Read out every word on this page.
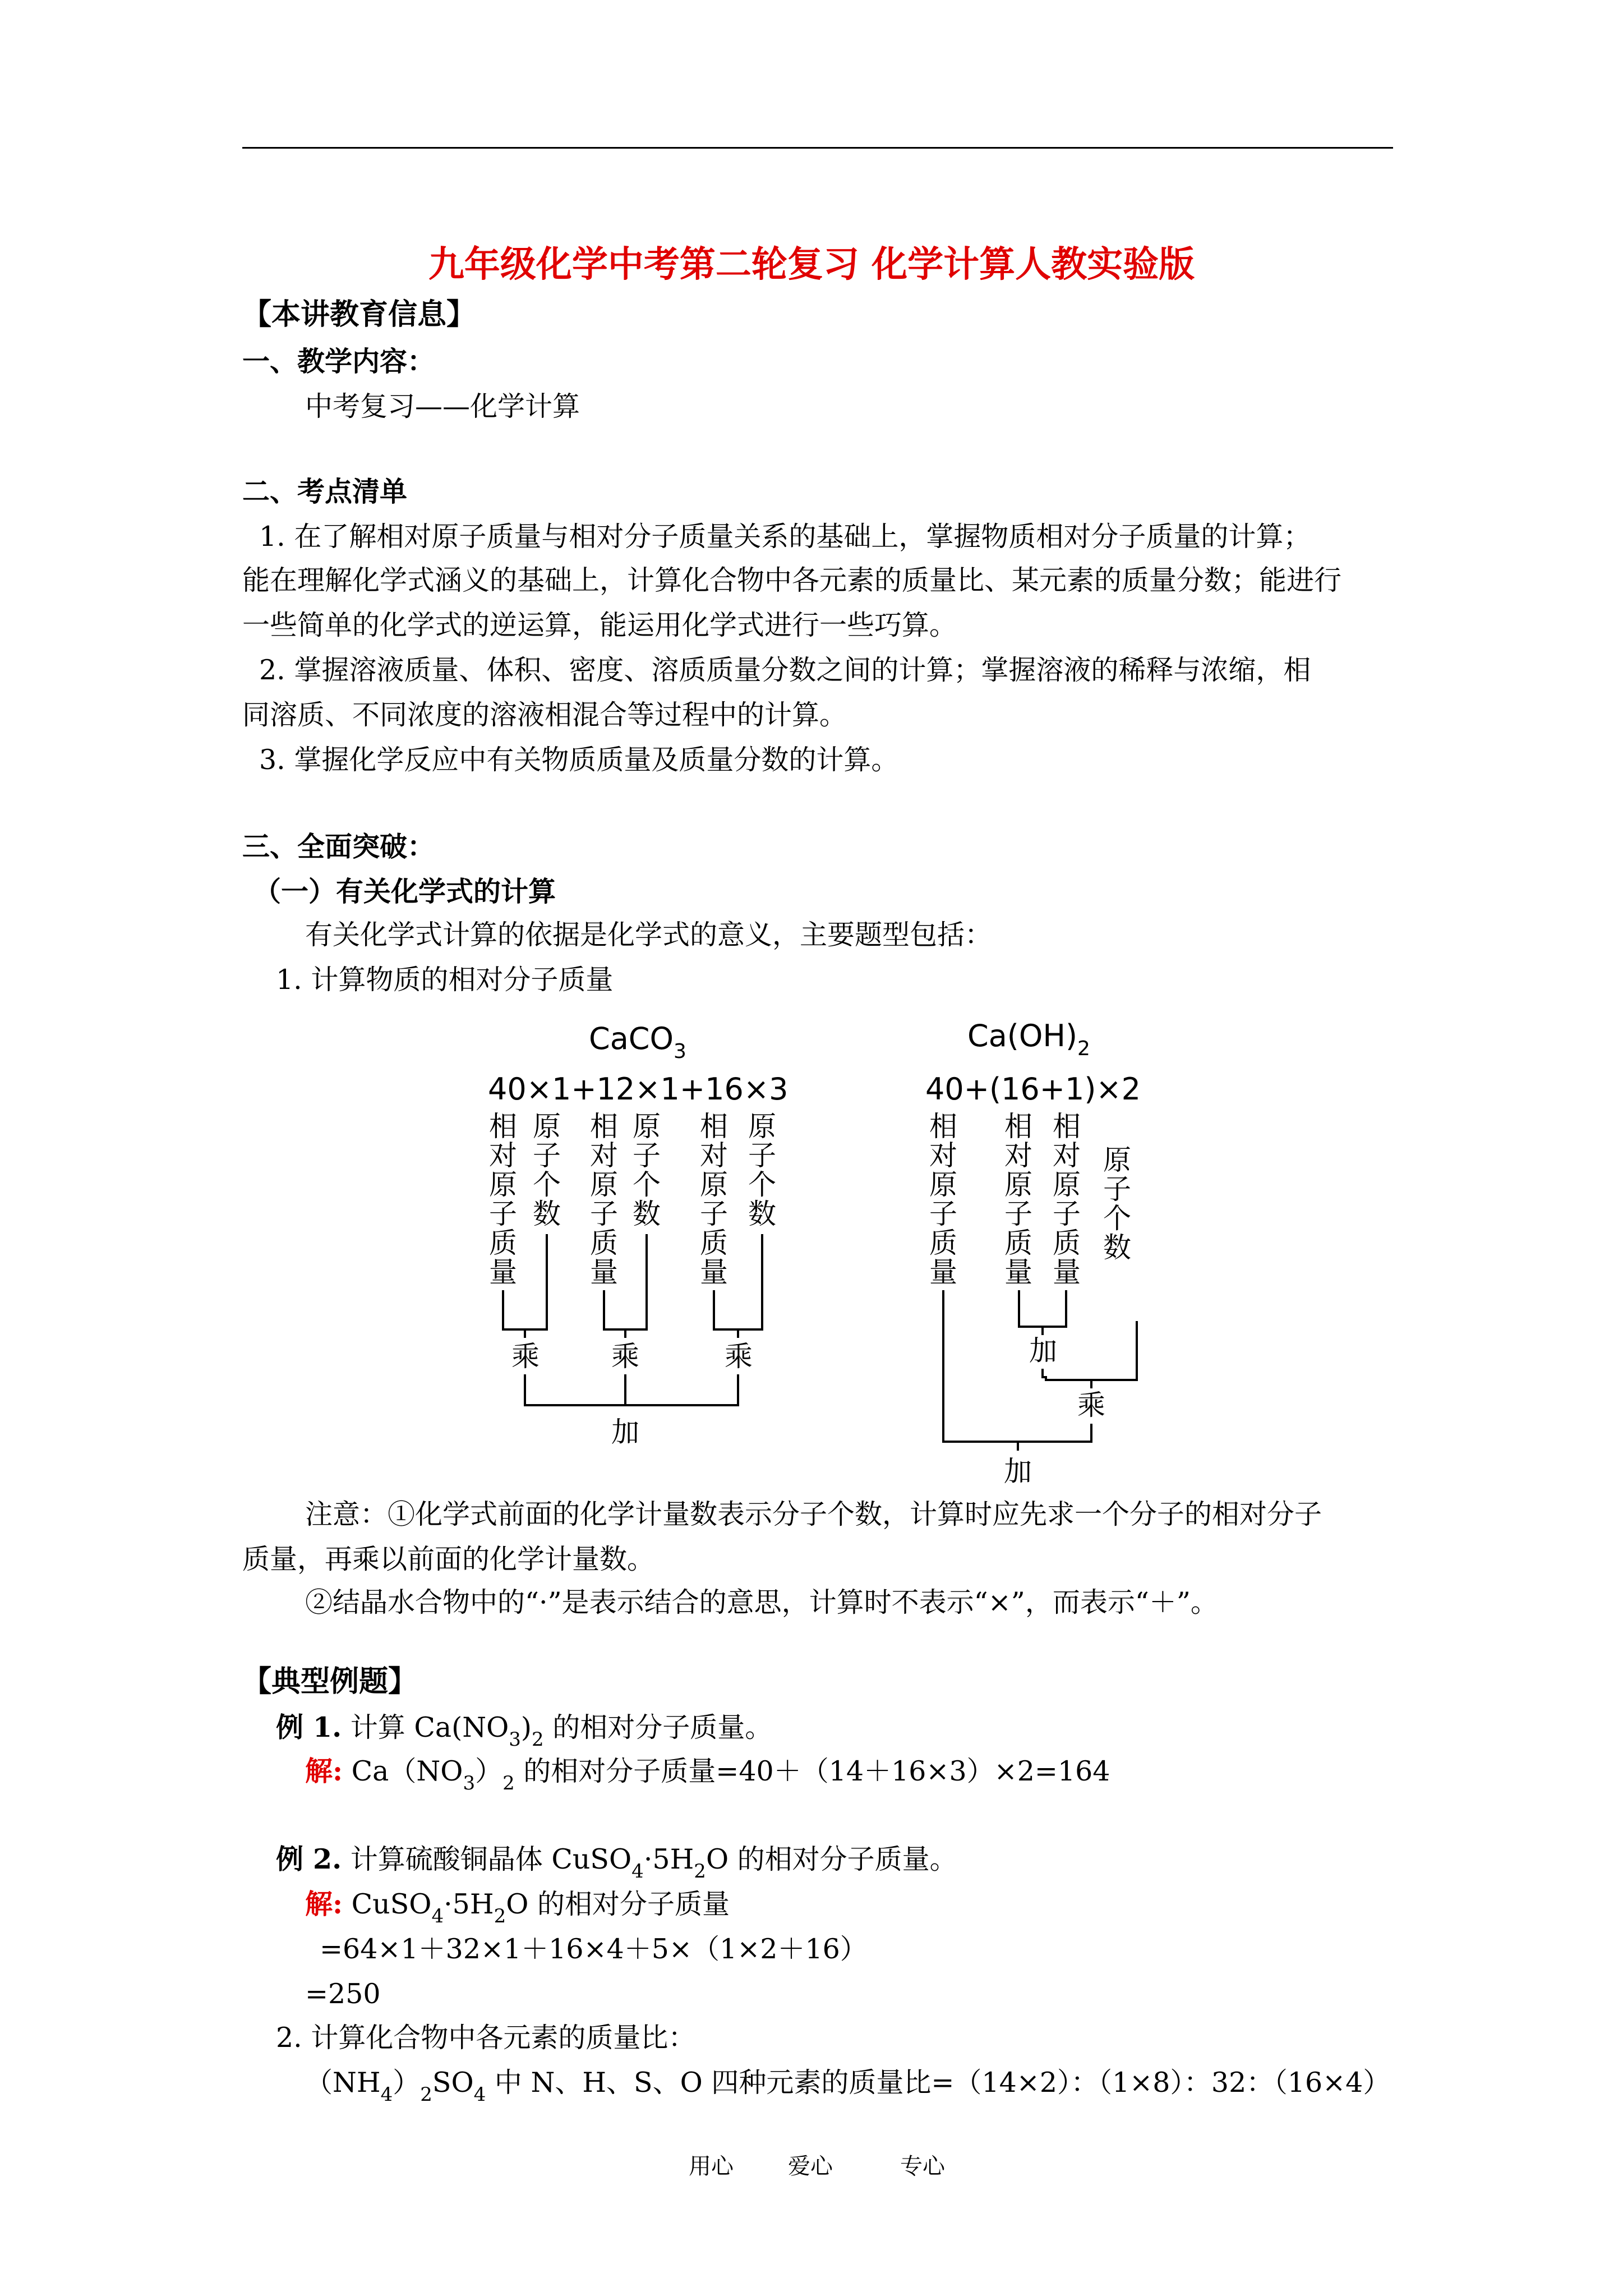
九年级化学中考第二轮复习 化学计算人教实验版
【本讲教育信息】
一、教学内容：
中考复习——化学计算
二、考点清单
1. 在了解相对原子质量与相对分子质量关系的基础上，掌握物质相对分子质量的计算；
能在理解化学式涵义的基础上，计算化合物中各元素的质量比、某元素的质量分数；能进行
一些简单的化学式的逆运算，能运用化学式进行一些巧算。
2. 掌握溶液质量、体积、密度、溶质质量分数之间的计算；掌握溶液的稀释与浓缩，相
同溶质、不同浓度的溶液相混合等过程中的计算。
3. 掌握化学反应中有关物质质量及质量分数的计算。
三、全面突破：
（一）有关化学式的计算
有关化学式计算的依据是化学式的意义，主要题型包括：
1. 计算物质的相对分子质量
CaCO$_3$
40×1+12×1+16×3
相
对
原
子
质
量
原
子
个
数
相
对
原
子
质
量
原
子
个
数
相
对
原
子
质
量
原
子
个
数
乘	乘	乘
加
$Ca(OH)_2$
40+(16+1)×2
相
对
原
子
质
量
相
对
原
子
质
量
相
对
原
子
质
量
原
子
个
数
加
乘
加
注意：①化学式前面的化学计量数表示分子个数，计算时应先求一个分子的相对分子
质量，再乘以前面的化学计量数。
②结晶水合物中的“·”是表示结合的意思，计算时不表示“×”，而表示“＋”。
【典型例题】
例 1. 计算 $Ca(NO_3)_2$ 的相对分子质量。
解: $Ca(NO_3)_2$ 的相对分子质量=40＋（14＋16×3）×2=164
例 2. 计算硫酸铜晶体 $CuSO_4\cdot 5H_2O$ 的相对分子质量。
解: $CuSO_4\cdot 5H_2O$ 的相对分子质量
=64×1＋32×1＋16×4＋5×（1×2＋16）
=250
2. 计算化合物中各元素的质量比：
$(NH_4)_2SO_4$ 中 N、H、S、O 四种元素的质量比=（14×2）：（1×8）：32：（16×4）
用心 爱心	专心
